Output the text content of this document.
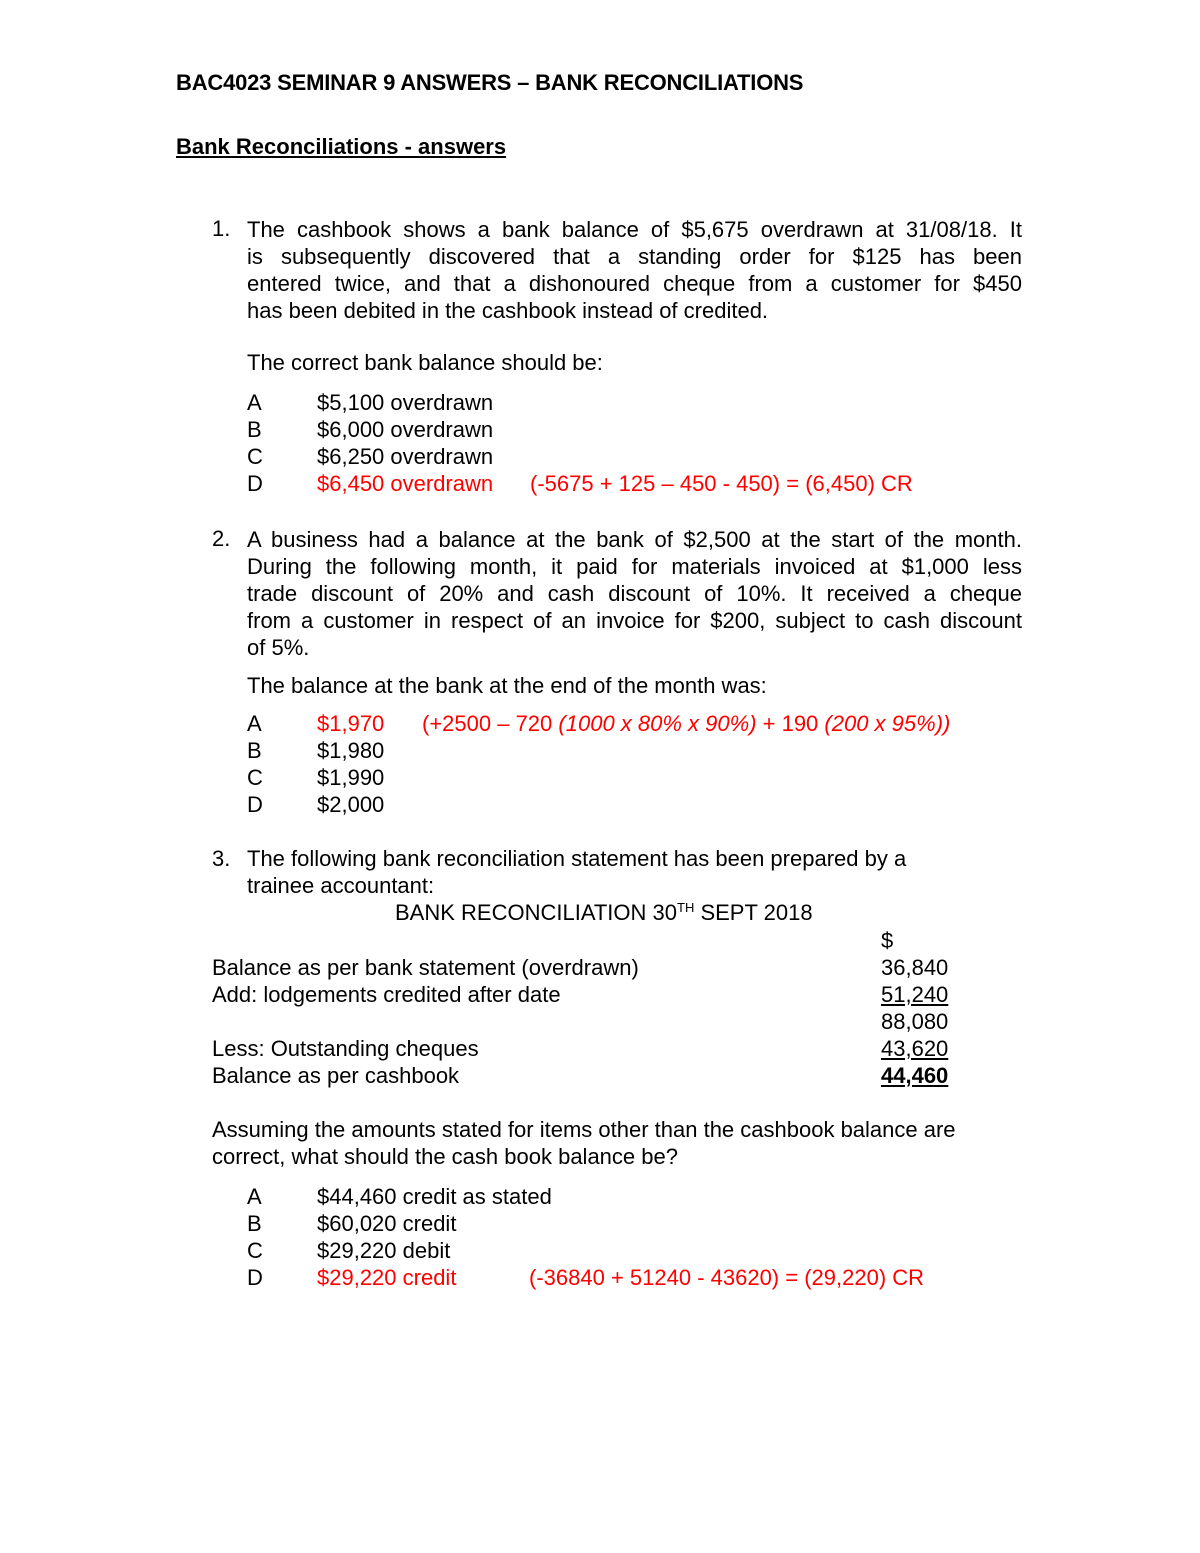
BAC4023 SEMINAR 9 ANSWERS – BANK RECONCILIATIONS
Bank Reconciliations - answers
1. The cashbook shows a bank balance of $5,675 overdrawn at 31/08/18. It
is subsequently discovered that a standing order for $125 has been
entered twice, and that a dishonoured cheque from a customer for $450
has been debited in the cashbook instead of credited.
The correct bank balance should be:
A	$5,100 overdrawn
B	$6,000 overdrawn
C $6,250 overdrawn
D $6,450 overdrawn (-5675 + 125 – 450 - 450) = (6,450) CR
2. A business had a balance at the bank of $2,500 at the start of the month.
During the following month, it paid for materials invoiced at $1,000 less
trade discount of 20% and cash discount of 10%. It received a cheque
from a customer in respect of an invoice for $200, subject to cash discount
of 5%.
The balance at the bank at the end of the month was:
A	$1,970 (+2500 – 720 (1000 x 80% x 90%) + 190 (200 x 95%))
B	$1,980
C $1,990
D $2,000
3. The following bank reconciliation statement has been prepared by a
trainee accountant:
BANK RECONCILIATION 30TH SEPT 2018
$
Balance as per bank statement (overdrawn)	36,840
Add: lodgements credited after date	51,240
88,080
Less: Outstanding cheques	43,620
Balance as per cashbook	44,460
Assuming the amounts stated for items other than the cashbook balance are
correct, what should the cash book balance be?
A	$44,460 credit as stated
B	$60,020 credit
C $29,220 debit
D $29,220 credit	(-36840 + 51240 - 43620) = (29,220) CR
